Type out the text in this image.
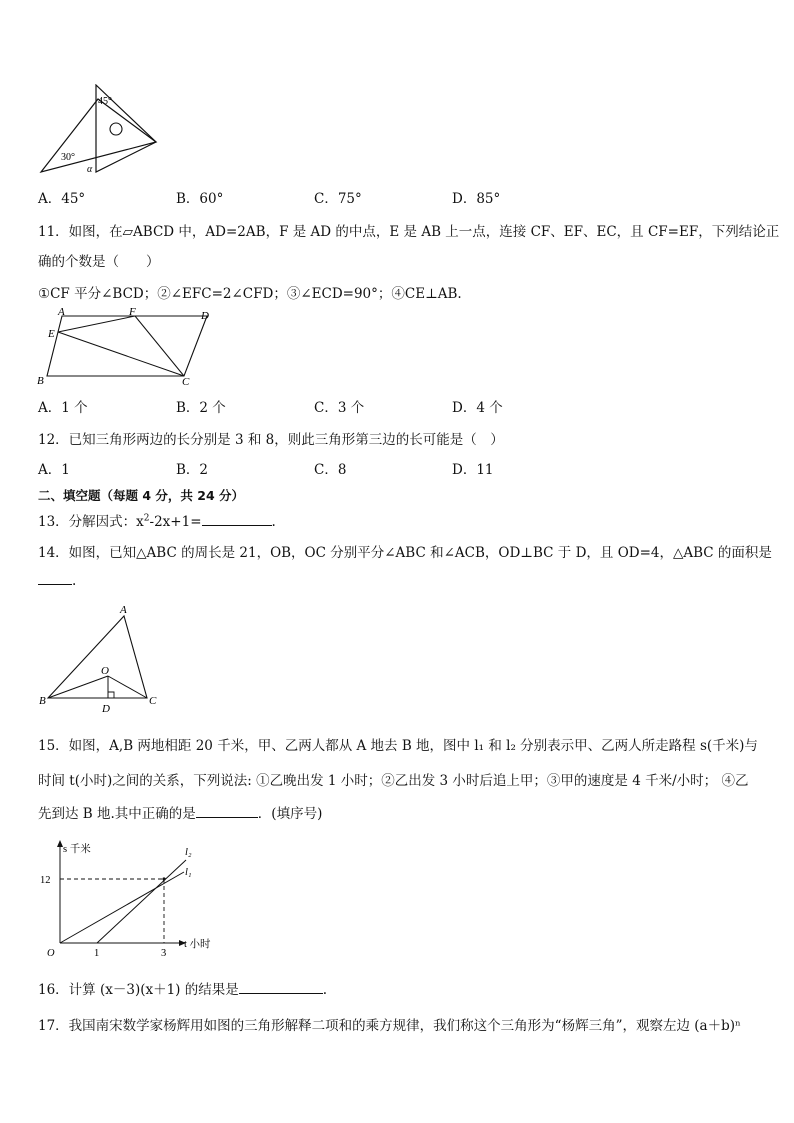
45°
30°
α
A．45°	B．60°	C．75°	D．85°
11．如图，在▱ABCD 中，AD=2AB，F 是 AD 的中点，E 是 AB 上一点，连接 CF、EF、EC，且 CF=EF，下列结论正
确的个数是（　　）
①CF 平分∠BCD；②∠EFC=2∠CFD；③∠ECD=90°；④CE⊥AB.
A	F	D
E
B	C
A．1 个	B．2 个	C．3 个	D．4 个
12．已知三角形两边的长分别是 3 和 8，则此三角形第三边的长可能是（　）
A．1	B．2	C．8	D．11
二、填空题（每题 4 分，共 24 分）
13．分解因式：$x^2-2x+1=$	.
14．如图，已知△ABC 的周长是 21，OB，OC 分别平分∠ABC 和∠ACB，OD⊥BC 于 D，且 OD=4，△ABC 的面积是
.
A
O
B
D
C
15．如图，A,B 两地相距 20 千米，甲、乙两人都从 A 地去 B 地，图中 l₁ 和 l₂ 分别表示甲、乙两人所走路程 s(千米)与
时间 t(小时)之间的关系，下列说法: ①乙晚出发 1 小时；②乙出发 3 小时后追上甲；③甲的速度是 4 千米/小时； ④乙
先到达 B 地.其中正确的是	．(填序号)
s 千米
t 小时
12
1	3
O
l₂
l₁
16．计算 (x－3)(x＋1) 的结果是	.
17．我国南宋数学家杨辉用如图的三角形解释二项和的乘方规律，我们称这个三角形为“杨辉三角”，观察左边 (a＋b)ⁿ
